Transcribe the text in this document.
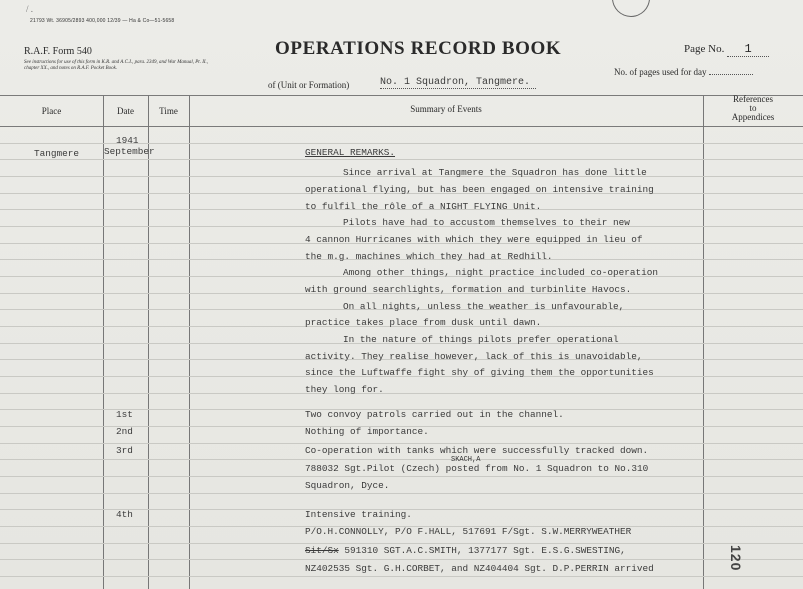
/ .
21793 Wt. 36905/2893 400,000 12/39 — Ha & Co—51-5658
R.A.F. Form 540
See instructions for use of this form in K.R. and A.C.I., para. 2349, and War Manual, Pt. II., chapter XX., and notes on R.A.F. Pocket Book.
OPERATIONS RECORD BOOK	Page No. 1
No. of pages used for day
of (Unit or Formation)	No. 1 Squadron, Tangmere.
Place	Date	Time	Summary of Events
References
to
Appendices
Tangmere
1941
September	GENERAL REMARKS.
Since arrival at Tangmere the Squadron has done little
operational flying, but has been engaged on intensive training
to fulfil the rôle of a NIGHT FLYING Unit.
Pilots have had to accustom themselves to their new
4 cannon Hurricanes with which they were equipped in lieu of
the m.g. machines which they had at Redhill.
Among other things, night practice included co-operation
with ground searchlights, formation and turbinlite Havocs.
On all nights, unless the weather is unfavourable,
practice takes place from dusk until dawn.
In the nature of things pilots prefer operational
activity. They realise however, lack of this is unavoidable,
since the Luftwaffe fight shy of giving them the opportunities
they long for.
1st	Two convoy patrols carried out in the channel.
2nd	Nothing of importance.
3rd	Co-operation with tanks which were successfully tracked down.
788032 Sgt.Pilot (Czech) posted from No. 1 Squadron to No.310
SKACH,A
Squadron, Dyce.
4th	Intensive training.
P/O.H.CONNOLLY, P/O F.HALL, 517691 F/Sgt. S.W.MERRYWEATHER
Sit/Sx 591310 SGT.A.C.SMITH, 1377177 Sgt. E.S.G.SWESTING,
NZ402535 Sgt. G.H.CORBET, and NZ404404 Sgt. D.P.PERRIN arrived	120
